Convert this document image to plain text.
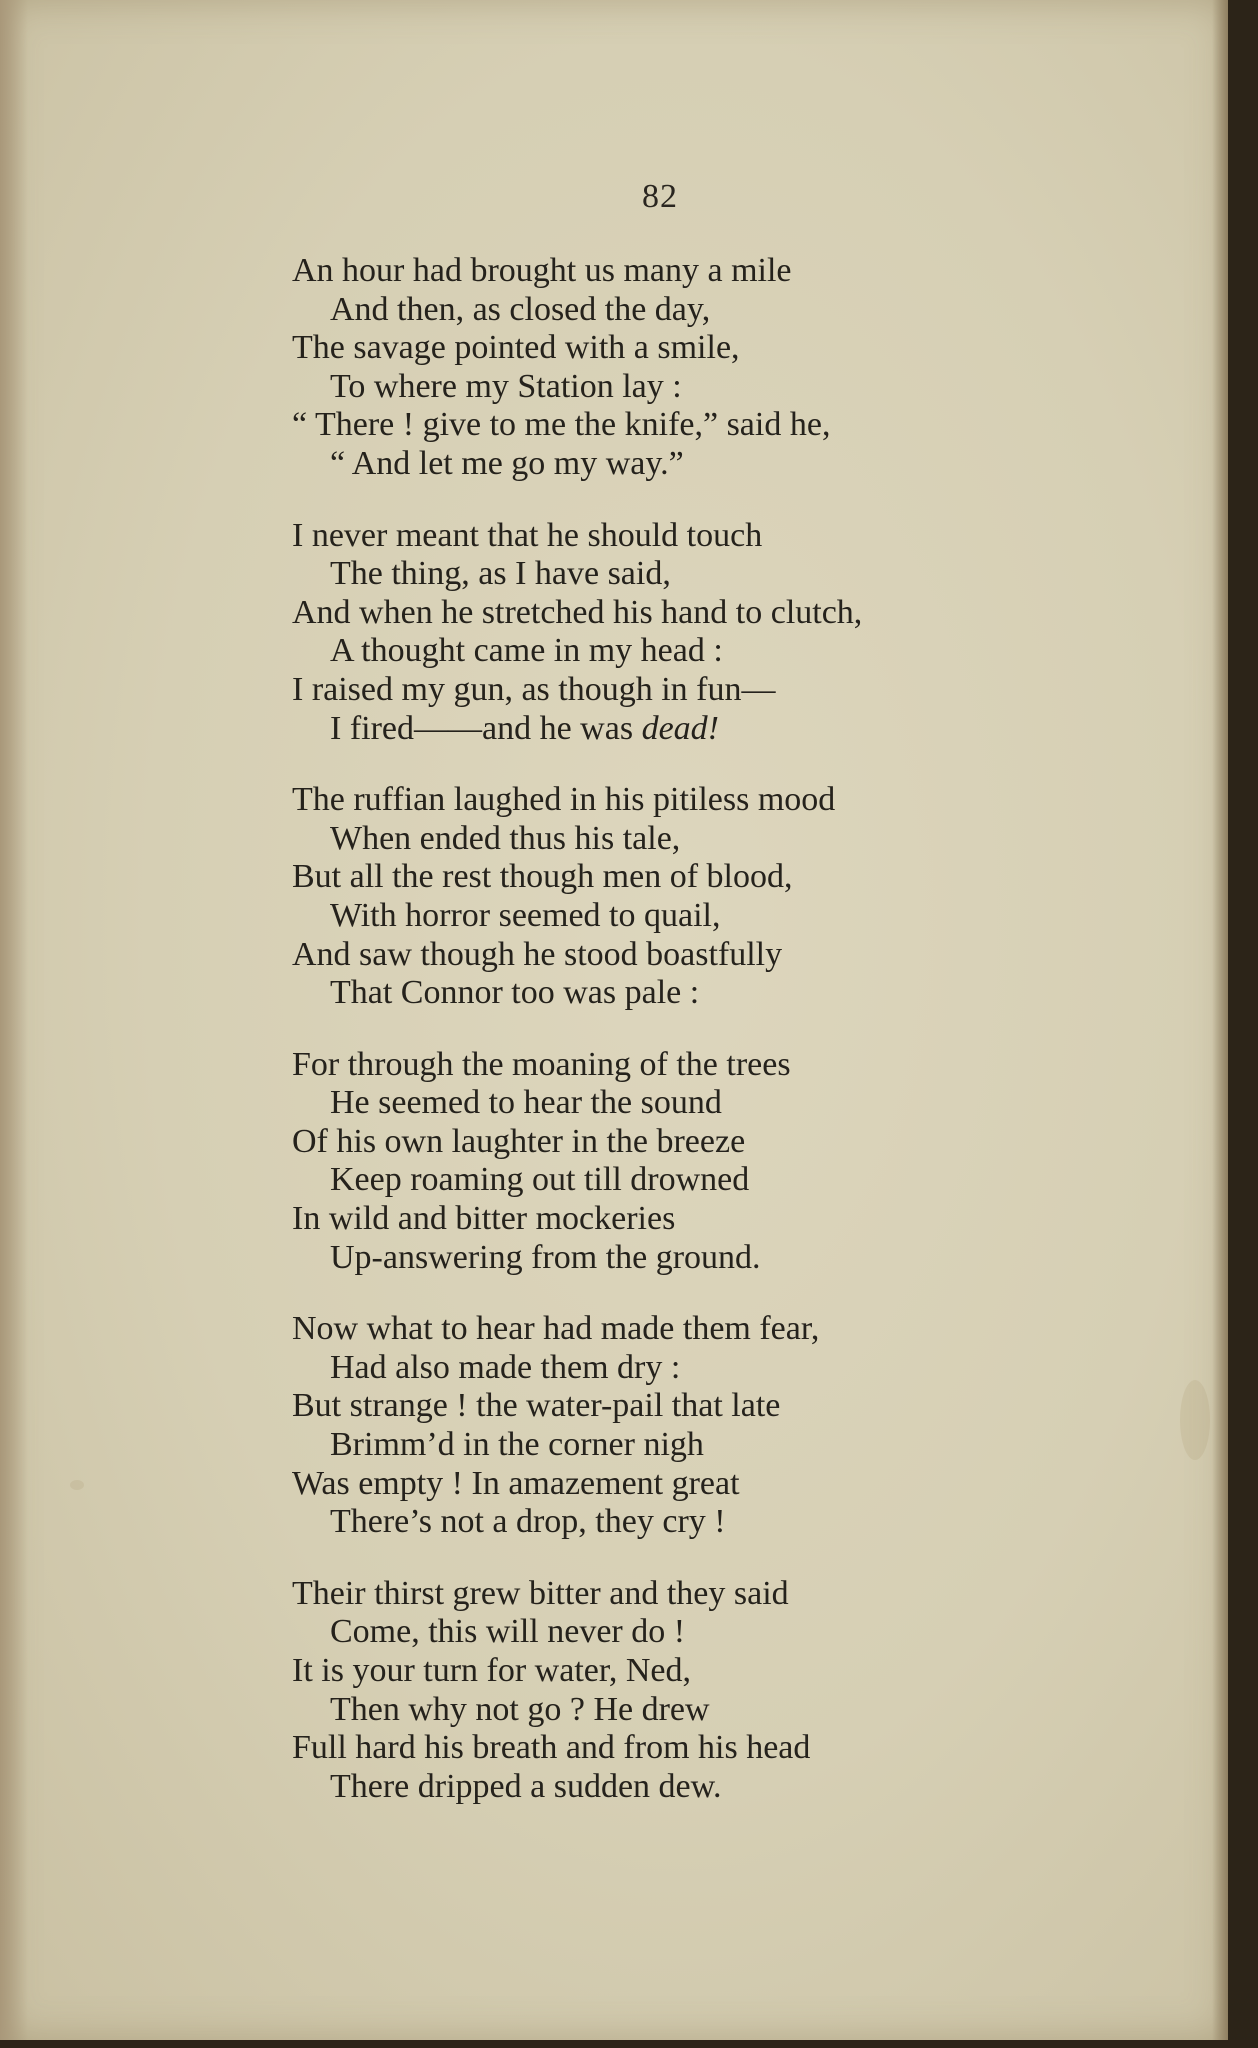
82
An hour had brought us many a mile
And then, as closed the day,
The savage pointed with a smile,
To where my Station lay :
“ There ! give to me the knife,” said he,
“ And let me go my way.”
I never meant that he should touch
The thing, as I have said,
And when he stretched his hand to clutch,
A thought came in my head :
I raised my gun, as though in fun—
I fired——and he was dead!
The ruffian laughed in his pitiless mood
When ended thus his tale,
But all the rest though men of blood,
With horror seemed to quail,
And saw though he stood boastfully
That Connor too was pale :
For through the moaning of the trees
He seemed to hear the sound
Of his own laughter in the breeze
Keep roaming out till drowned
In wild and bitter mockeries
Up-answering from the ground.
Now what to hear had made them fear,
Had also made them dry :
But strange ! the water-pail that late
Brimm’d in the corner nigh
Was empty ! In amazement great
There’s not a drop, they cry !
Their thirst grew bitter and they said
Come, this will never do !
It is your turn for water, Ned,
Then why not go ? He drew
Full hard his breath and from his head
There dripped a sudden dew.
